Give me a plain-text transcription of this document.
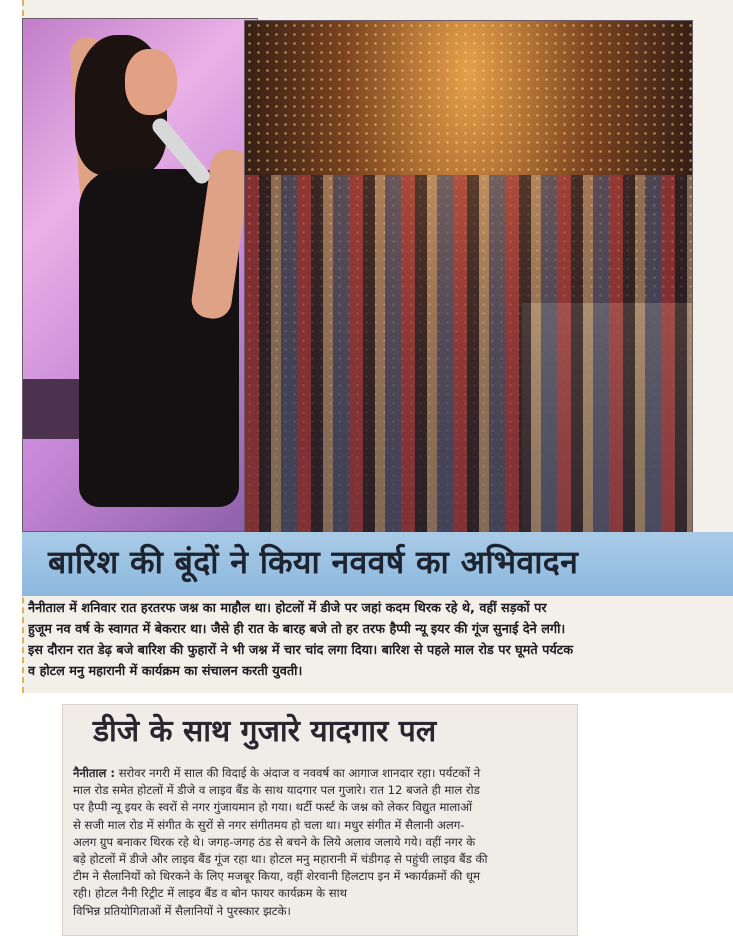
बारिश की बूंदों ने किया नववर्ष का अभिवादन

नैनीताल में शनिवार रात हरतरफ जश्न का माहौल था। होटलों में डीजे पर जहां कदम थिरक रहे थे, वहीं सड़कों पर

हुजूम नव वर्ष के स्वागत में बेकरार था। जैसे ही रात के बारह बजे तो हर तरफ हैप्पी न्यू इयर की गूंज सुनाई देने लगी।

इस दौरान रात डेढ़ बजे बारिश की फुहारों ने भी जश्न में चार चांद लगा दिया। बारिश से पहले माल रोड पर घूमते पर्यटक

व होटल मनु महारानी में कार्यक्रम का संचालन करती युवती।

डीजे के साथ गुजारे यादगार पल

नैनीताल : सरोवर नगरी में साल की विदाई के अंदाज व नववर्ष का आगाज शानदार रहा। पर्यटकों ने

माल रोड समेत होटलों में डीजे व लाइव बैंड के साथ यादगार पल गुजारे। रात 12 बजते ही माल रोड

पर हैप्पी न्यू इयर के स्वरों से नगर गुंजायमान हो गया। थर्टी फर्स्ट के जश्न को लेकर विद्युत मालाओं

से सजी माल रोड में संगीत के सुरों से नगर संगीतमय हो चला था। मधुर संगीत में सैलानी अलग-

अलग ग्रुप बनाकर थिरक रहे थे। जगह-जगह ठंड से बचने के लिये अलाव जलाये गये। वहीं नगर के

बड़े होटलों में डीजे और लाइव बैंड गूंज रहा था। होटल मनु महारानी में चंडीगढ़ से पहुंची लाइव बैंड की

टीम ने सैलानियों को थिरकने के लिए मजबूर किया, वहीं शेरवानी हिलटाप इन में भ्कार्यक्रमों की धूम

रही। होटल नैनी रिट्रीट में लाइव बैंड व बोन फायर कार्यक्रम के साथ

विभिन्न प्रतियोगिताओं में सैलानियों ने पुरस्कार झटके।
